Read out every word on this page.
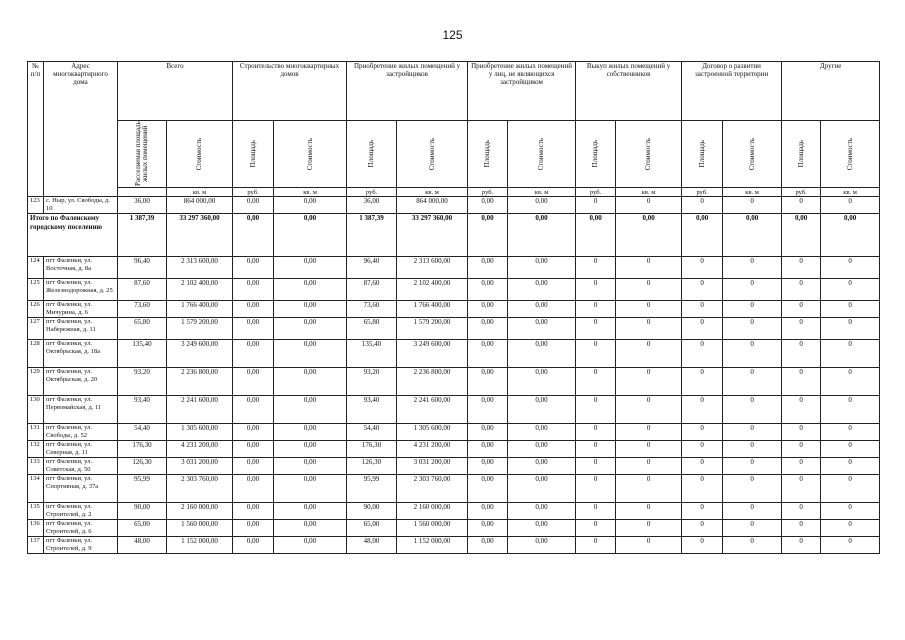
125
№ п/п	Адрес многоквартирного дома	Всего		Строительство многоквартирных домов		Приобретение жилых помещений у застройщиков		Приобретение жилых помещений у лиц, не являющихся застройщиком		Выкуп жилых помещений у собственников		Договор о развитии застроенной территории		Другие		

		Расселяемая площадь жилых помещений	Стоимость	Площадь	Стоимость	Площадь	Стоимость	Площадь	Стоимость	Площадь	Стоимость	Площадь	Стоимость	Площадь	Стоимость	

			кв. м	руб.	кв. м	руб.	кв. м	руб.	кв. м	руб.	кв. м	руб.	кв. м	руб.	кв. м	
123	с. Ныр, ул. Свободы, д. 10	36,00	864 000,00	0,00	0,00	36,00	864 000,00	0,00	0,00	0	0	0	0	0	0	
Итого по Фаленскому городскому поселению		1 387,39	33 297 360,00	0,00	0,00	1 387,39	33 297 360,00	0,00	0,00	0,00	0,00	0,00	0,00	0,00	0,00	
124	пгт Фаленки, ул. Восточная, д. 8а	96,40	2 313 600,00	0,00	0,00	96,40	2 313 600,00	0,00	0,00	0	0	0	0	0	0	
125	пгт Фаленки, ул. Железнодорожная, д. 25	87,60	2 102 400,00	0,00	0,00	87,60	2 102 400,00	0,00	0,00	0	0	0	0	0	0	
126	пгт Фаленки, ул. Мичурина, д. 6	73,60	1 766 400,00	0,00	0,00	73,60	1 766 400,00	0,00	0,00	0	0	0	0	0	0	
127	пгт Фаленки, ул. Набережная, д. 11	65,80	1 579 200,00	0,00	0,00	65,80	1 579 200,00	0,00	0,00	0	0	0	0	0	0	
128	пгт Фаленки, ул. Октябрьская, д. 18а	135,40	3 249 600,00	0,00	0,00	135,40	3 249 600,00	0,00	0,00	0	0	0	0	0	0	
129	пгт Фаленки, ул. Октябрьская, д. 20	93,20	2 236 800,00	0,00	0,00	93,20	2 236 800,00	0,00	0,00	0	0	0	0	0	0	
130	пгт Фаленки, ул. Первомайская, д. 11	93,40	2 241 600,00	0,00	0,00	93,40	2 241 600,00	0,00	0,00	0	0	0	0	0	0	
131	пгт Фаленки, ул. Свободы, д. 52	54,40	1 305 600,00	0,00	0,00	54,40	1 305 600,00	0,00	0,00	0	0	0	0	0	0	
132	пгт Фаленки, ул. Северная, д. 11	176,30	4 231 200,00	0,00	0,00	176,30	4 231 200,00	0,00	0,00	0	0	0	0	0	0	
133	пгт Фаленки, ул. Советская, д. 50	126,30	3 031 200,00	0,00	0,00	126,30	3 031 200,00	0,00	0,00	0	0	0	0	0	0	
134	пгт Фаленки, ул. Спортивная, д. 37а	95,99	2 303 760,00	0,00	0,00	95,99	2 303 760,00	0,00	0,00	0	0	0	0	0	0	
135	пгт Фаленки, ул. Строителей, д. 2	90,00	2 160 000,00	0,00	0,00	90,00	2 160 000,00	0,00	0,00	0	0	0	0	0	0	
136	пгт Фаленки, ул. Строителей, д. 6	65,00	1 560 000,00	0,00	0,00	65,00	1 560 000,00	0,00	0,00	0	0	0	0	0	0	
137	пгт Фаленки, ул. Строителей, д. 9	48,00	1 152 000,00	0,00	0,00	48,00	1 152 000,00	0,00	0,00	0	0	0	0	0	0	
